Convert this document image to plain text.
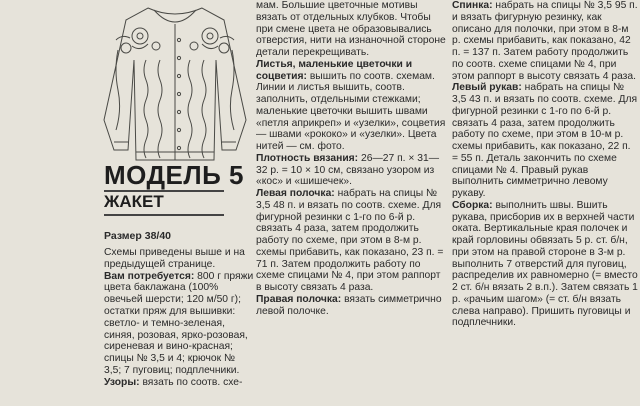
МОДЕЛЬ 5
ЖАКЕТ
Размер 38/40

Схемы приведены выше и на предыдущей странице.

Вам потребуется: 800 г пряжи цвета баклажана (100% овечьей шерсти; 120 м/50 г); остатки пряж для вышивки: светло- и темно-зеленая, синяя, розовая, ярко-розовая, сиреневая и вино-красная; спицы № 3,5 и 4; крючок № 3,5; 7 пуговиц; подплечники.

Узоры: вязать по соотв. схе-

мам. Большие цветочные мотивы вязать от отдельных клубков. Чтобы при смене цвета не образовывались отверстия, нити на изнаночной стороне детали перекрещивать.

Листья, маленькие цветочки и соцветия: вышить по соотв. схемам. Линии и листья вышить, соотв. заполнить, отдельными стежками; маленькие цветочки вышить швами «петля априкреп» и «узелки», соцветия — швами «рококо» и «узелки». Цвета нитей — см. фото.

Плотность вязания: 26—27 п. × 31—32 р. = 10 × 10 см, связано узором из «кос» и «шишечек».

Левая полочка: набрать на спицы № 3,5 48 п. и вязать по соотв. схеме. Для фигурной резинки с 1-го по 6-й р. связать 4 раза, затем продолжить работу по схеме, при этом в 8-м р. схемы прибавить, как показано, 23 п. = 71 п. Затем продолжить работу по схеме спицами № 4, при этом раппорт в высоту связать 4 раза.

Правая полочка: вязать симметрично левой полочке.

Спинка: набрать на спицы № 3,5 95 п. и вязать фигурную резинку, как описано для полочки, при этом в 8-м р. схемы прибавить, как показано, 42 п. = 137 п. Затем работу продолжить по соотв. схеме спицами № 4, при этом раппорт в высоту связать 4 раза.

Левый рукав: набрать на спицы № 3,5 43 п. и вязать по соотв. схеме. Для фигурной резинки с 1-го по 6-й р. связать 4 раза, затем продолжить работу по схеме, при этом в 10-м р. схемы прибавить, как показано, 22 п. = 55 п. Деталь закончить по схеме спицами № 4. Правый рукав выполнить симметрично левому рукаву.

Сборка: выполнить швы. Вшить рукава, присборив их в верхней части оката. Вертикальные края полочек и край горловины обвязать 5 р. ст. б/н, при этом на правой стороне в 3-м р. выполнить 7 отверстий для пуговиц, распределив их равномерно (= вместо 2 ст. б/н вязать 2 в.п.). Затем связать 1 р. «рачьим шагом» (= ст. б/н вязать слева направо). Пришить пуговицы и подплечники.
